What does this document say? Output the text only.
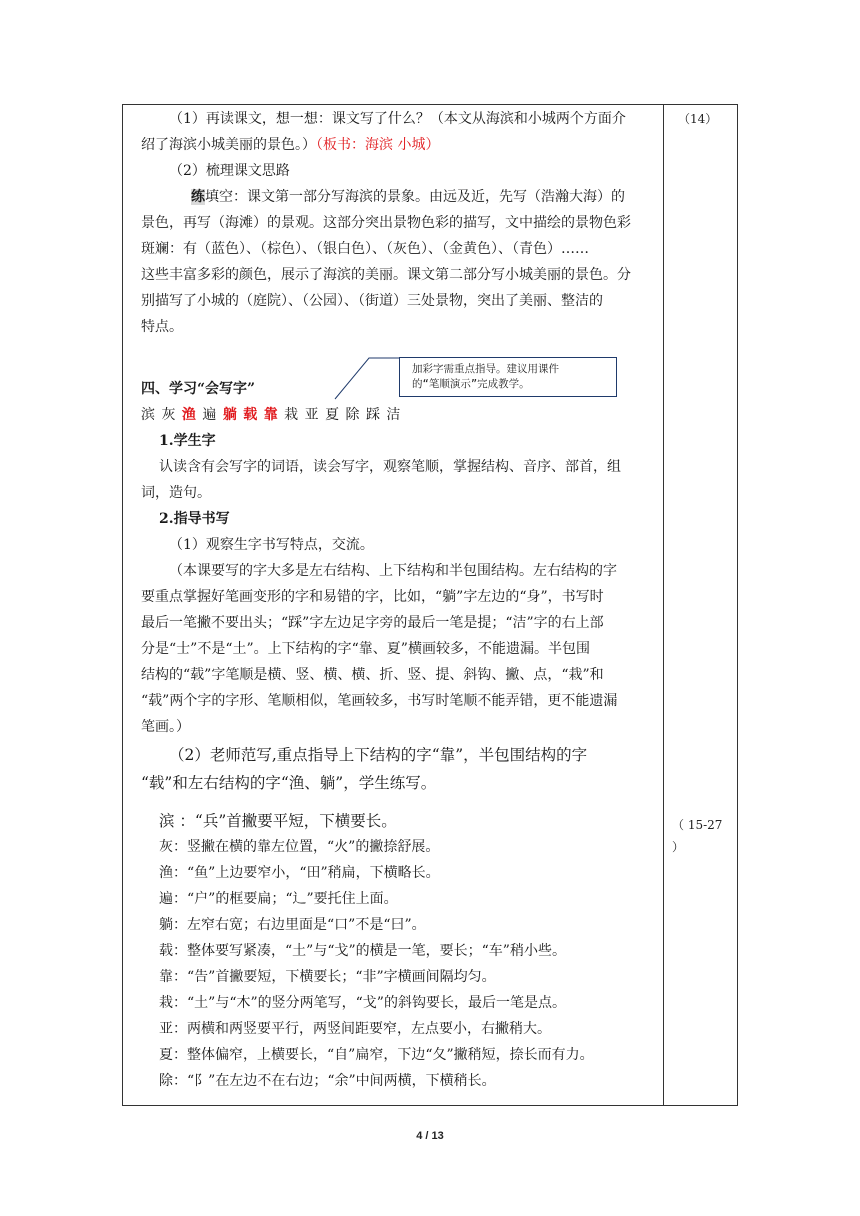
（1）再读课文，想一想：课文写了什么？（本文从海滨和小城两个方面介
绍了海滨小城美丽的景色。）（板书：海滨 小城）
（2）梳理课文思路
练填空：课文第一部分写海滨的景象。由远及近，先写（浩瀚大海）的
景色，再写（海滩）的景观。这部分突出景物色彩的描写，文中描绘的景物色彩
斑斓：有（蓝色）、（棕色）、（银白色）、（灰色）、（金黄色）、（青色）……
这些丰富多彩的颜色，展示了海滨的美丽。课文第二部分写小城美丽的景色。分
别描写了小城的（庭院）、（公园）、（街道）三处景物，突出了美丽、整洁的
特点。
加彩字需重点指导。建议用课件
的“笔顺演示”完成教学。
四、学习“会写字”
滨 灰 渔 遍 躺 载 靠 栽 亚 夏 除 踩 洁
1.学生字
认读含有会写字的词语，读会写字，观察笔顺，掌握结构、音序、部首，组
词，造句。
2.指导书写
（1）观察生字书写特点，交流。
（本课要写的字大多是左右结构、上下结构和半包围结构。左右结构的字
要重点掌握好笔画变形的字和易错的字，比如，“躺”字左边的“身”，书写时
最后一笔撇不要出头；“踩”字左边足字旁的最后一笔是提；“洁”字的右上部
分是“士”不是“土”。上下结构的字“靠、夏”横画较多，不能遗漏。半包围
结构的“载”字笔顺是横、竖、横、横、折、竖、提、斜钩、撇、点，“栽”和
“载”两个字的字形、笔顺相似，笔画较多，书写时笔顺不能弄错，更不能遗漏
笔画。）
（2）老师范写,重点指导上下结构的字“靠”，半包围结构的字
“载”和左右结构的字“渔、躺”，学生练写。
滨 ：“兵”首撇要平短，下横要长。
灰：竖撇在横的靠左位置，“火”的撇捺舒展。
渔：“鱼”上边要窄小，“田”稍扁，下横略长。
遍：“户”的框要扁；“辶”要托住上面。
躺：左窄右宽；右边里面是“口”不是“曰”。
载：整体要写紧凑，“土”与“戈”的横是一笔，要长；“车”稍小些。
靠：“告”首撇要短，下横要长；“非”字横画间隔均匀。
栽：“土”与“木”的竖分两笔写，“戈”的斜钩要长，最后一笔是点。
亚：两横和两竖要平行，两竖间距要窄，左点要小，右撇稍大。
夏：整体偏窄，上横要长，“自”扁窄，下边“夂”撇稍短，捺长而有力。
除：“阝”在左边不在右边；“余”中间两横，下横稍长。
（14）
（ 15-27
）
4 / 13
